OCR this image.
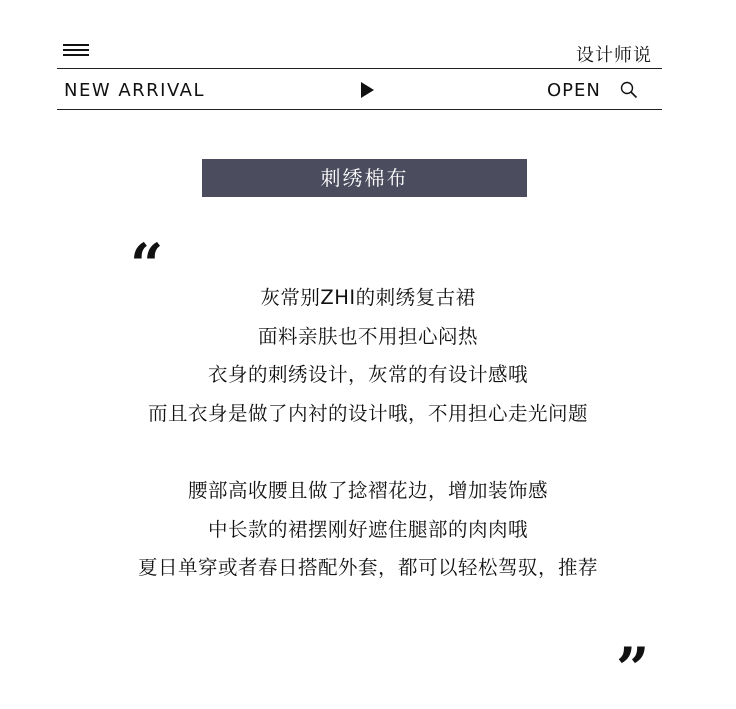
设计师说
NEW ARRIVAL	OPEN
刺绣棉布
“	灰常别ZHI的刺绣复古裙
面料亲肤也不用担心闷热
衣身的刺绣设计，灰常的有设计感哦
而且衣身是做了内衬的设计哦，不用担心走光问题
腰部高收腰且做了捻褶花边，增加装饰感
中长款的裙摆刚好遮住腿部的肉肉哦
夏日单穿或者春日搭配外套，都可以轻松驾驭，推荐
”
